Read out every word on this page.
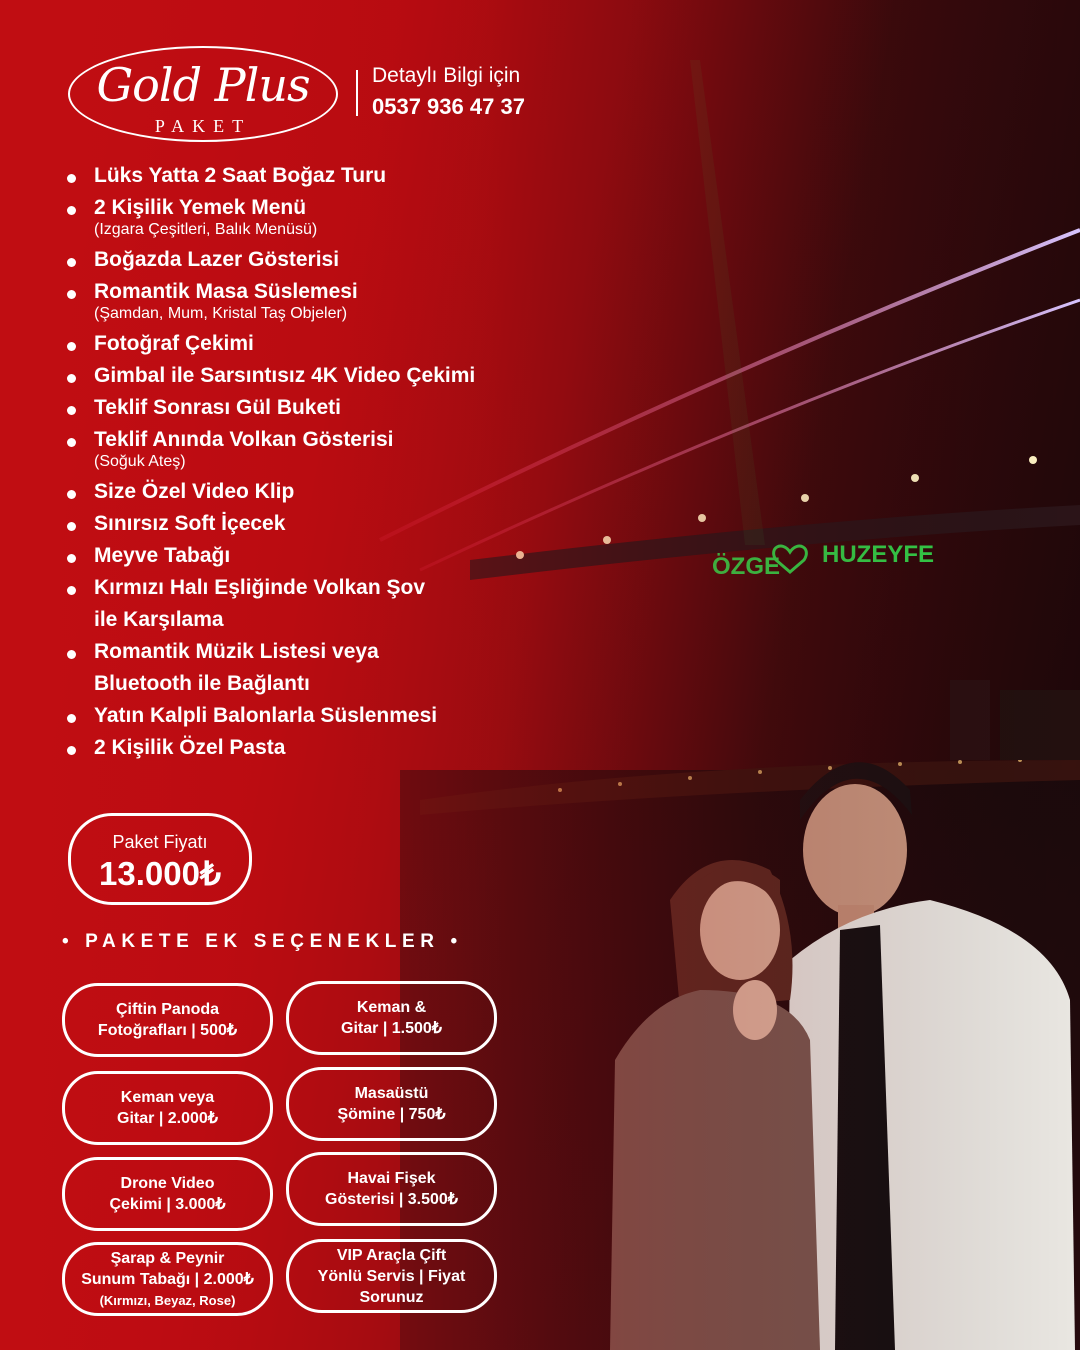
Gold Plus
PAKET
Detaylı Bilgi için
0537 936 47 37
Lüks Yatta 2 Saat Boğaz Turu
2 Kişilik Yemek Menü
(Izgara Çeşitleri, Balık Menüsü)
Boğazda Lazer Gösterisi
Romantik Masa Süslemesi
(Şamdan, Mum, Kristal Taş Objeler)
Fotoğraf Çekimi
Gimbal ile Sarsıntısız 4K Video Çekimi
Teklif Sonrası Gül Buketi
Teklif Anında Volkan Gösterisi
(Soğuk Ateş)
Size Özel Video Klip
Sınırsız Soft İçecek
Meyve Tabağı
Kırmızı Halı Eşliğinde Volkan Şov
ile Karşılama
Romantik Müzik Listesi veya
Bluetooth ile Bağlantı
Yatın Kalpli Balonlarla Süslenmesi
2 Kişilik Özel Pasta
Paket Fiyatı
13.000₺
• PAKETE EK SEÇENEKLER •
Çiftin Panoda
Fotoğrafları | 500₺
Keman &
Gitar | 1.500₺
Keman veya
Gitar | 2.000₺
Masaüstü
Şömine | 750₺
Drone Video
Çekimi | 3.000₺
Havai Fişek
Gösterisi | 3.500₺
Şarap & Peynir
Sunum Tabağı | 2.000₺
(Kırmızı, Beyaz, Rose)
VIP Araçla Çift
Yönlü Servis | Fiyat Sorunuz
